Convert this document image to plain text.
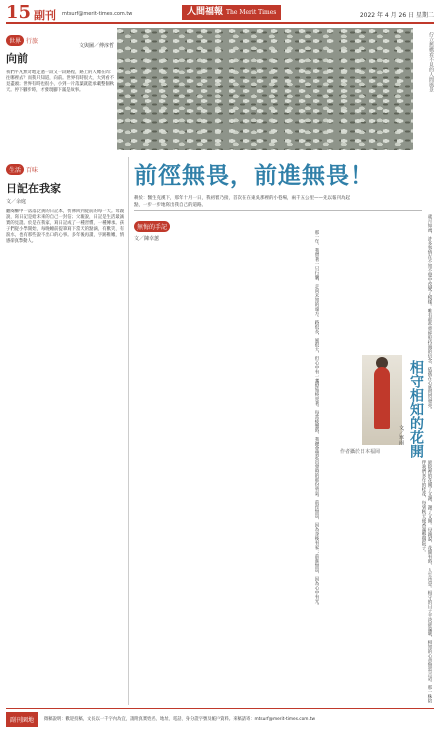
15 副刊 mtsurf@merit-times.com.tw	人間福報 The Merit Times	2022 年 4 月 26 日 星期二
世界 行旅
向前
文與圖／傅淳哲
我們平凡無奇地走過一段又一段路程，路上的人總在問：往哪裡去？而我只知道，向前。世界有時很大，大到看不見盡頭；世界有時也很小，小到一片落葉就能承載整個秋天。停下腳步時，才發現腳下滿是故事。	佇立舊橋看不見的人間風景
生活 百味
日記在我家
文／余庭
翻閱櫃中一落落泛黃的日記本，彷彿回到從前的每一天。母親說，寫日記是給未來的自己一封信；父親說，日記是生活最誠實的見證。於是在我家，寫日記成了一種習慣，一種傳承。孩子們從小學開始，每晚睡前提筆寫下當天的點滴，有歡笑、有淚水，也有那些說不出口的心事。多年後再讀，字跡稚嫩，情感卻真摯動人。
前徑無畏，前進無畏！
耕於：醫生克漢下，那年十月一日，我初嘗乃接，首次在在東吳那裡的小巷場，兩千五公里——先以報刊為起點，一步一步地寫出我自己的道路。
無悔的手記
文／陳幸蕙	那一年，我帶著一只行囊，走向未知的遠方。路很長，風很大，但心中有一盞燈始終亮著。每當疲憊時，我總會想起出發時的那份勇氣。前徑無畏，因為身後有家；前進無畏，因為心中有光。	歲月如流，許多事情在不知不覺中改變了模樣。唯有那些曾經堅持過的信念，依舊在心底閃閃發亮。
作者攝於日本福岡 相守相知的花開
文／寧雨
庭院裡的花開了又謝，謝了又開。母親說，花開有時，人生也是。相守的日子平淡卻溫暖，相知的心意無需言語。那一株陪伴我們多年的桂花，每到秋天便香滿整個院子。
副刊園地	徵稿說明：歡迎投稿，文長以一千字內為宜，請附真實姓名、地址、電話、身分證字號及帳戶資料。來稿請寄：mtsurf@merit-times.com.tw
